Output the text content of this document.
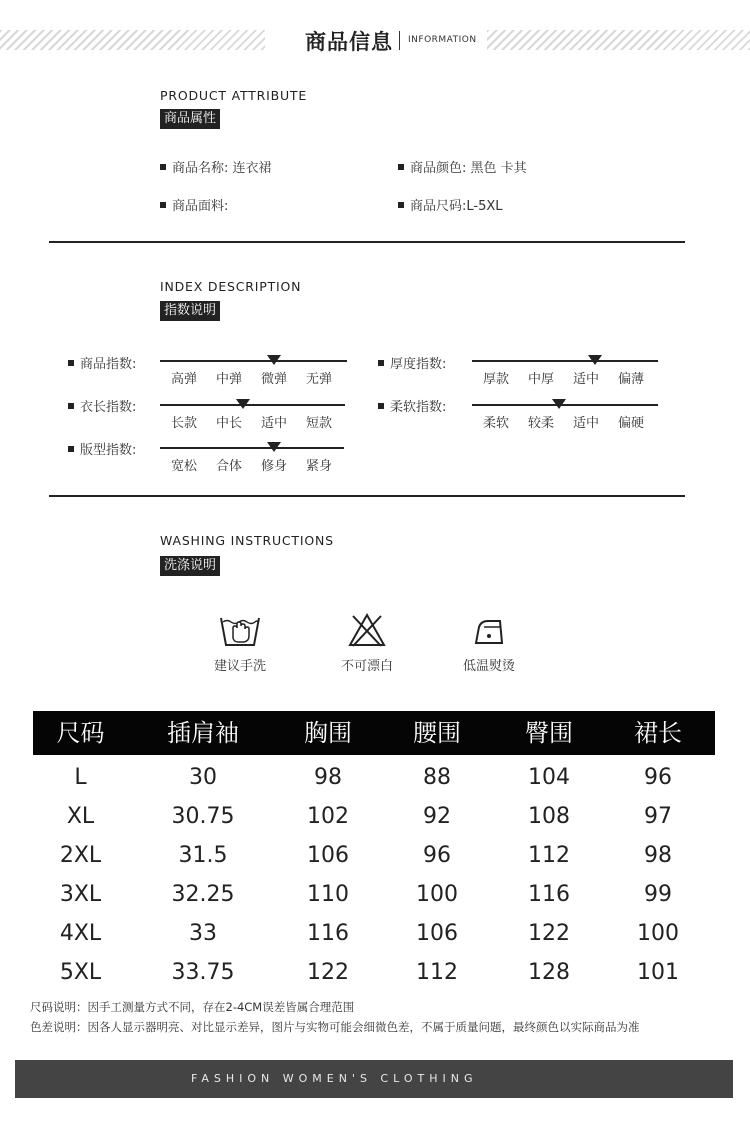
商品信息 INFORMATION
PRODUCT ATTRIBUTE
商品属性
商品名称: 连衣裙	商品颜色: 黑色 卡其
商品面料:	商品尺码:L-5XL
INDEX DESCRIPTION
指数说明
商品指数:
高弹	中弹	微弹	无弹
厚度指数:
厚款	中厚	适中	偏薄
衣长指数:
长款	中长	适中	短款
柔软指数:
柔软	较柔	适中	偏硬
版型指数:
宽松	合体	修身	紧身
WASHING INSTRUCTIONS
洗涤说明
建议手洗	不可漂白	低温熨烫
尺码	插肩袖	胸围	腰围	臀围	裙长
L	30	98	88	104	96
XL	30.75	102	92	108	97
2XL	31.5	106	96	112	98
3XL	32.25	110	100	116	99
4XL	33	116	106	122	100
5XL	33.75	122	112	128	101
尺码说明：因手工测量方式不同，存在2-4CM误差皆属合理范围
色差说明：因各人显示器明亮、对比显示差异，图片与实物可能会细微色差，不属于质量问题，最终颜色以实际商品为准
FASHION WOMEN'S CLOTHING
